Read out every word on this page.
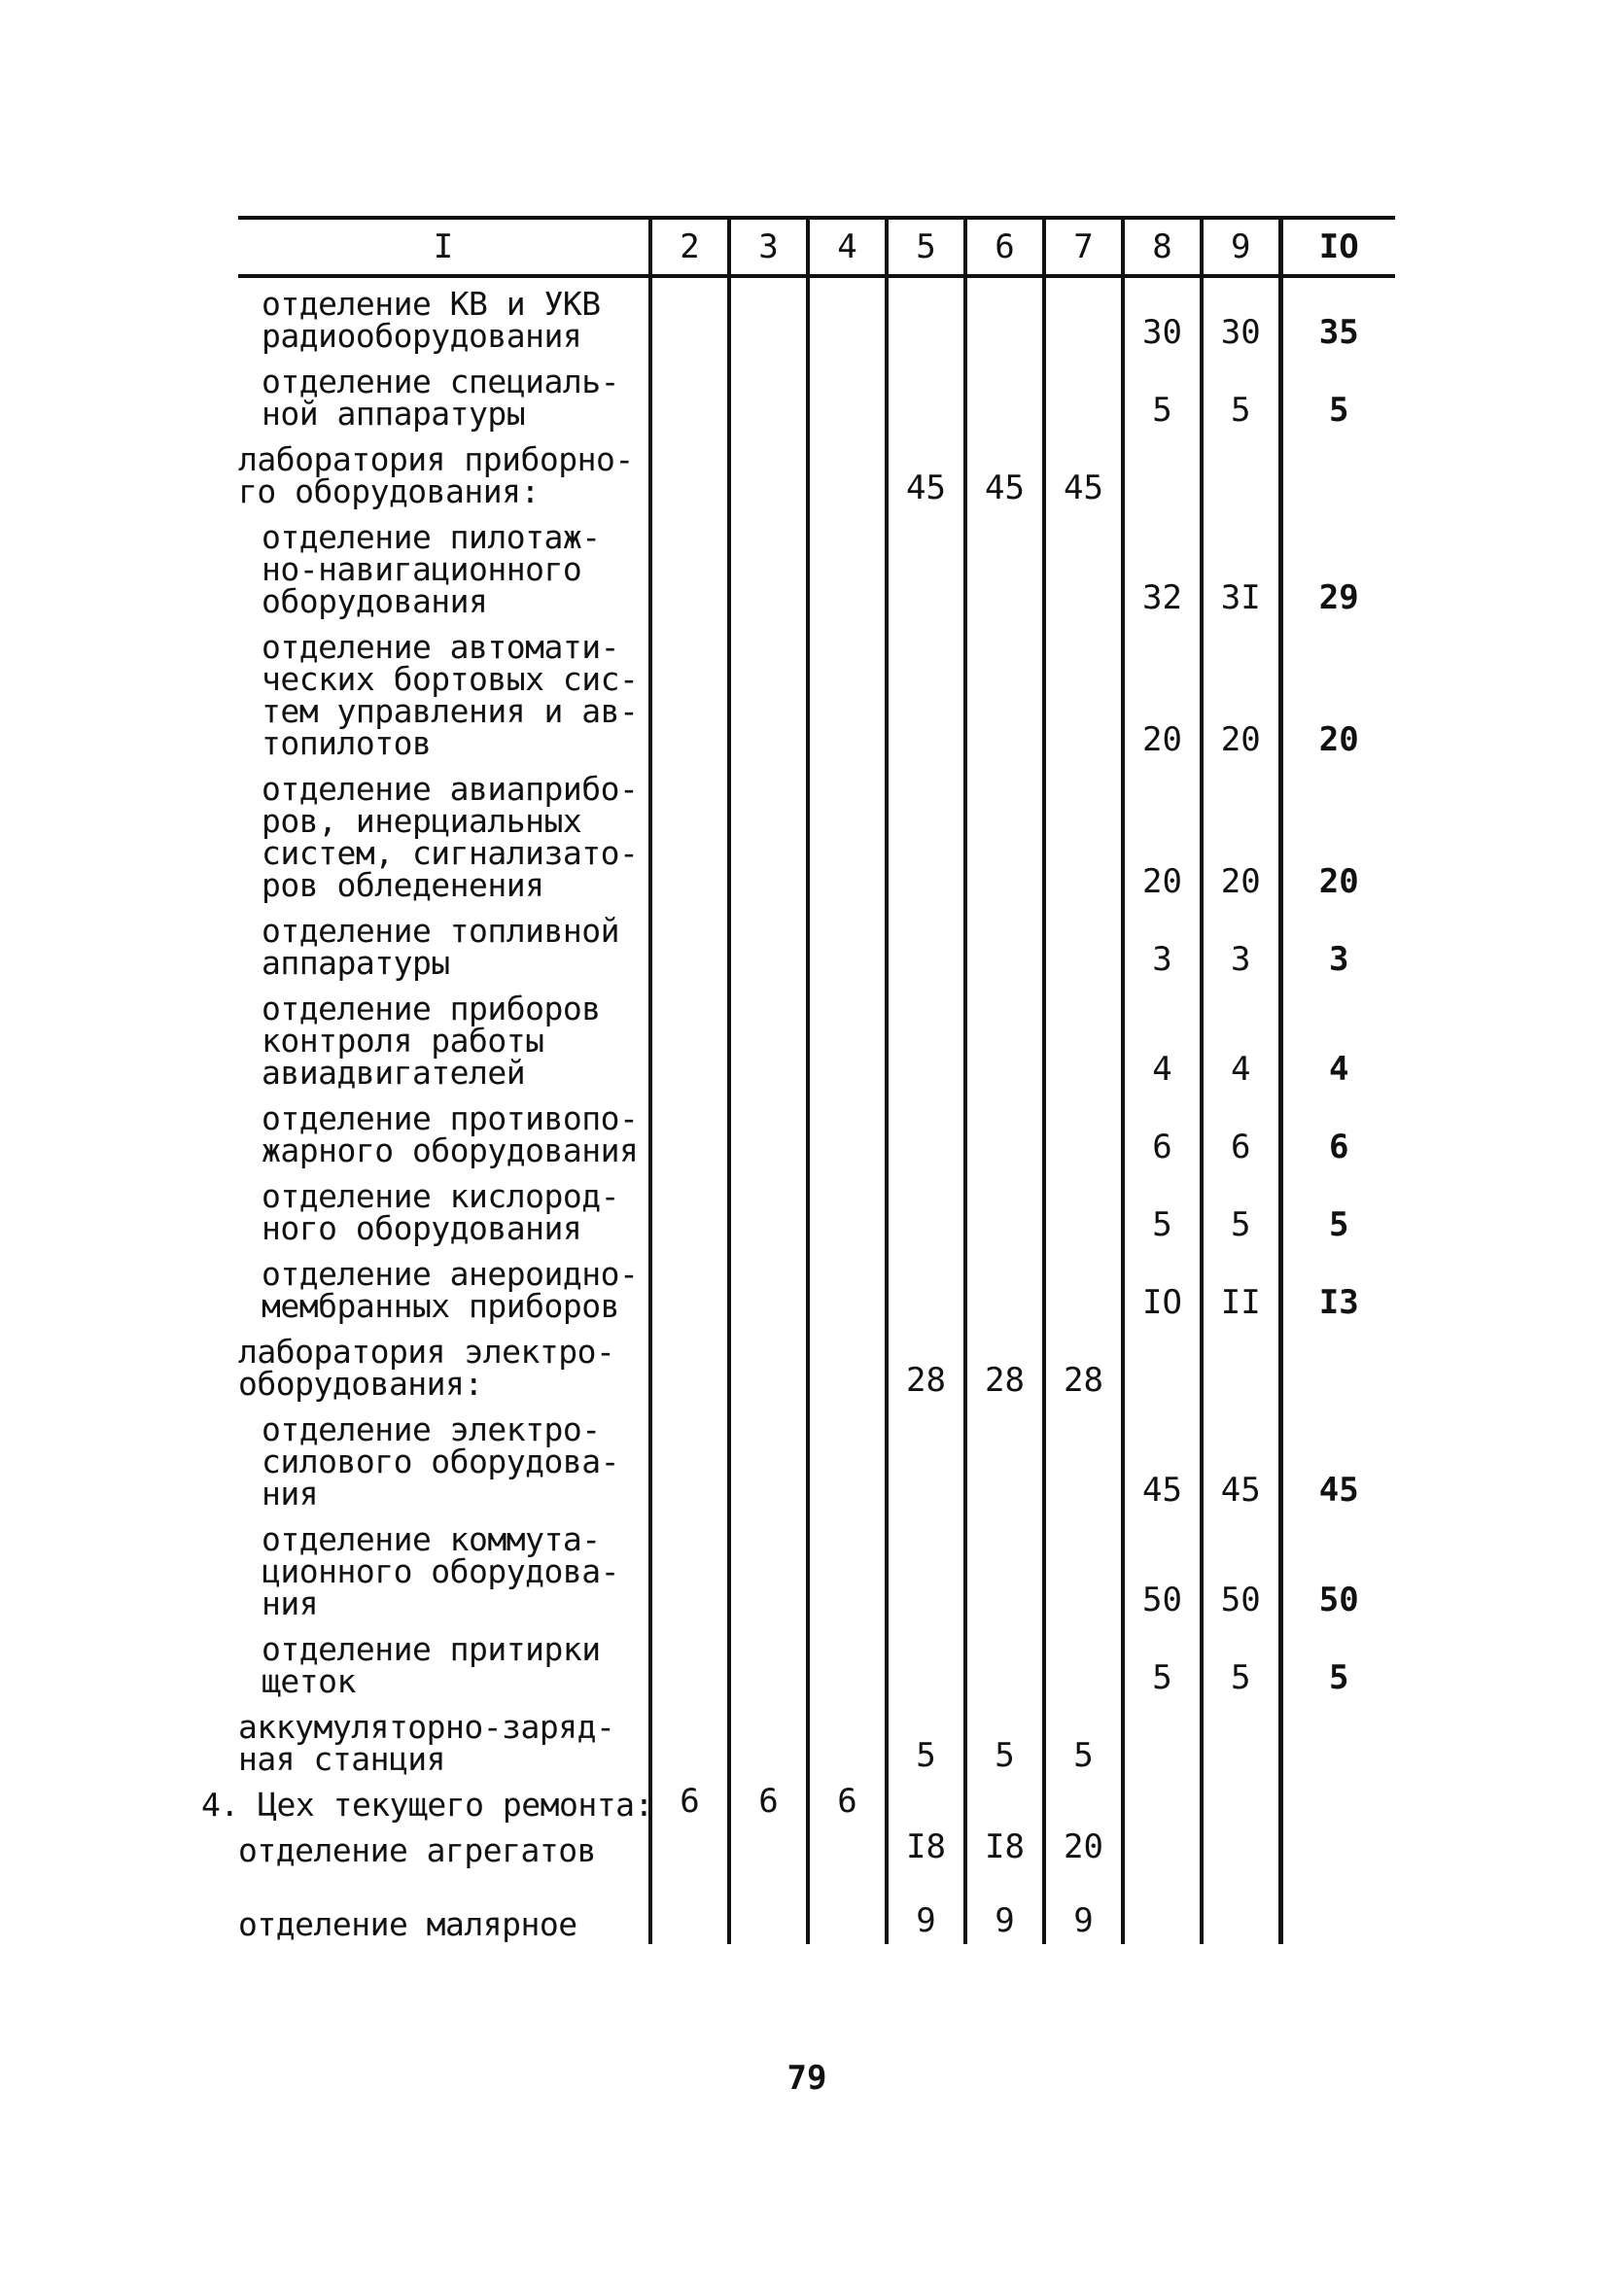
I	2	3	4	5	6	7	8	9	IO

отделение КВ и УКВ
радиооборудования							30	30	35

отделение специаль-
ной аппаратуры							5	5	5

лаборатория приборно-
го оборудования:				45	45	45			

отделение пилотаж-
но-навигационного
оборудования							32	3I	29

отделение автомати-
ческих бортовых сис-
тем управления и ав-
топилотов							20	20	20

отделение авиаприбо-
ров, инерциальных
систем, сигнализато-
ров обледенения							20	20	20

отделение топливной
аппаратуры							3	3	3

отделение приборов
контроля работы
авиадвигателей							4	4	4

отделение противопо-
жарного оборудования							6	6	6

отделение кислород-
ного оборудования							5	5	5

отделение анероидно-
мембранных приборов							IO	II	I3

лаборатория электро-
оборудования:				28	28	28			

отделение электро-
силового оборудова-
ния							45	45	45

отделение коммута-
ционного оборудова-
ния							50	50	50

отделение притирки
щеток							5	5	5

аккумуляторно-заряд-
ная станция				5	5	5			

4. Цех текущего ремонта:	6	6	6						

отделение агрегатов				I8	I8	20			

отделение малярное				9	9	9			
79
